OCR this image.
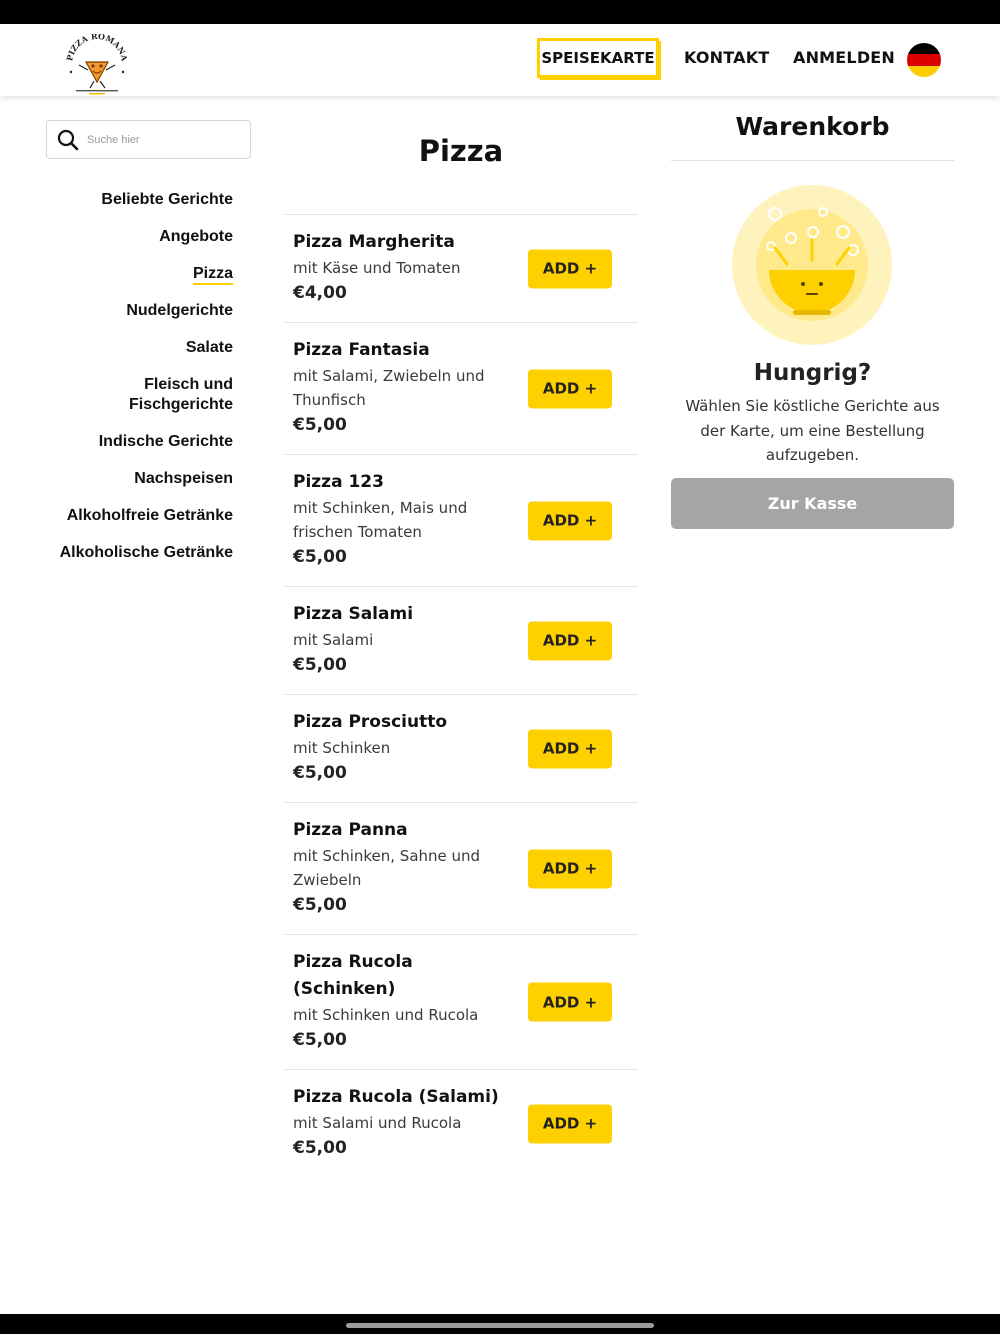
PIZZA ROMANA	SPEISEKARTE KONTAKT ANMELDEN
Suche hier
Beliebte Gerichte
Angebote
Pizza
Nudelgerichte
Salate
Fleisch und Fischgerichte
Indische Gerichte
Nachspeisen
Alkoholfreie Getränke
Alkoholische Getränke
Pizza
Pizza Margherita
mit Käse und Tomaten
€4,00
ADD +
Pizza Fantasia
mit Salami, Zwiebeln und Thunfisch
€5,00
ADD +
Pizza 123
mit Schinken, Mais und frischen Tomaten
€5,00
ADD +
Pizza Salami
mit Salami
€5,00
ADD +
Pizza Prosciutto
mit Schinken
€5,00
ADD +
Pizza Panna
mit Schinken, Sahne und Zwiebeln
€5,00
ADD +
Pizza Rucola (Schinken)
mit Schinken und Rucola
€5,00
ADD +
Pizza Rucola (Salami)
mit Salami und Rucola
€5,00
ADD +
Warenkorb
Hungrig?
Wählen Sie köstliche Gerichte aus der Karte, um eine Bestellung aufzugeben.
Zur Kasse
